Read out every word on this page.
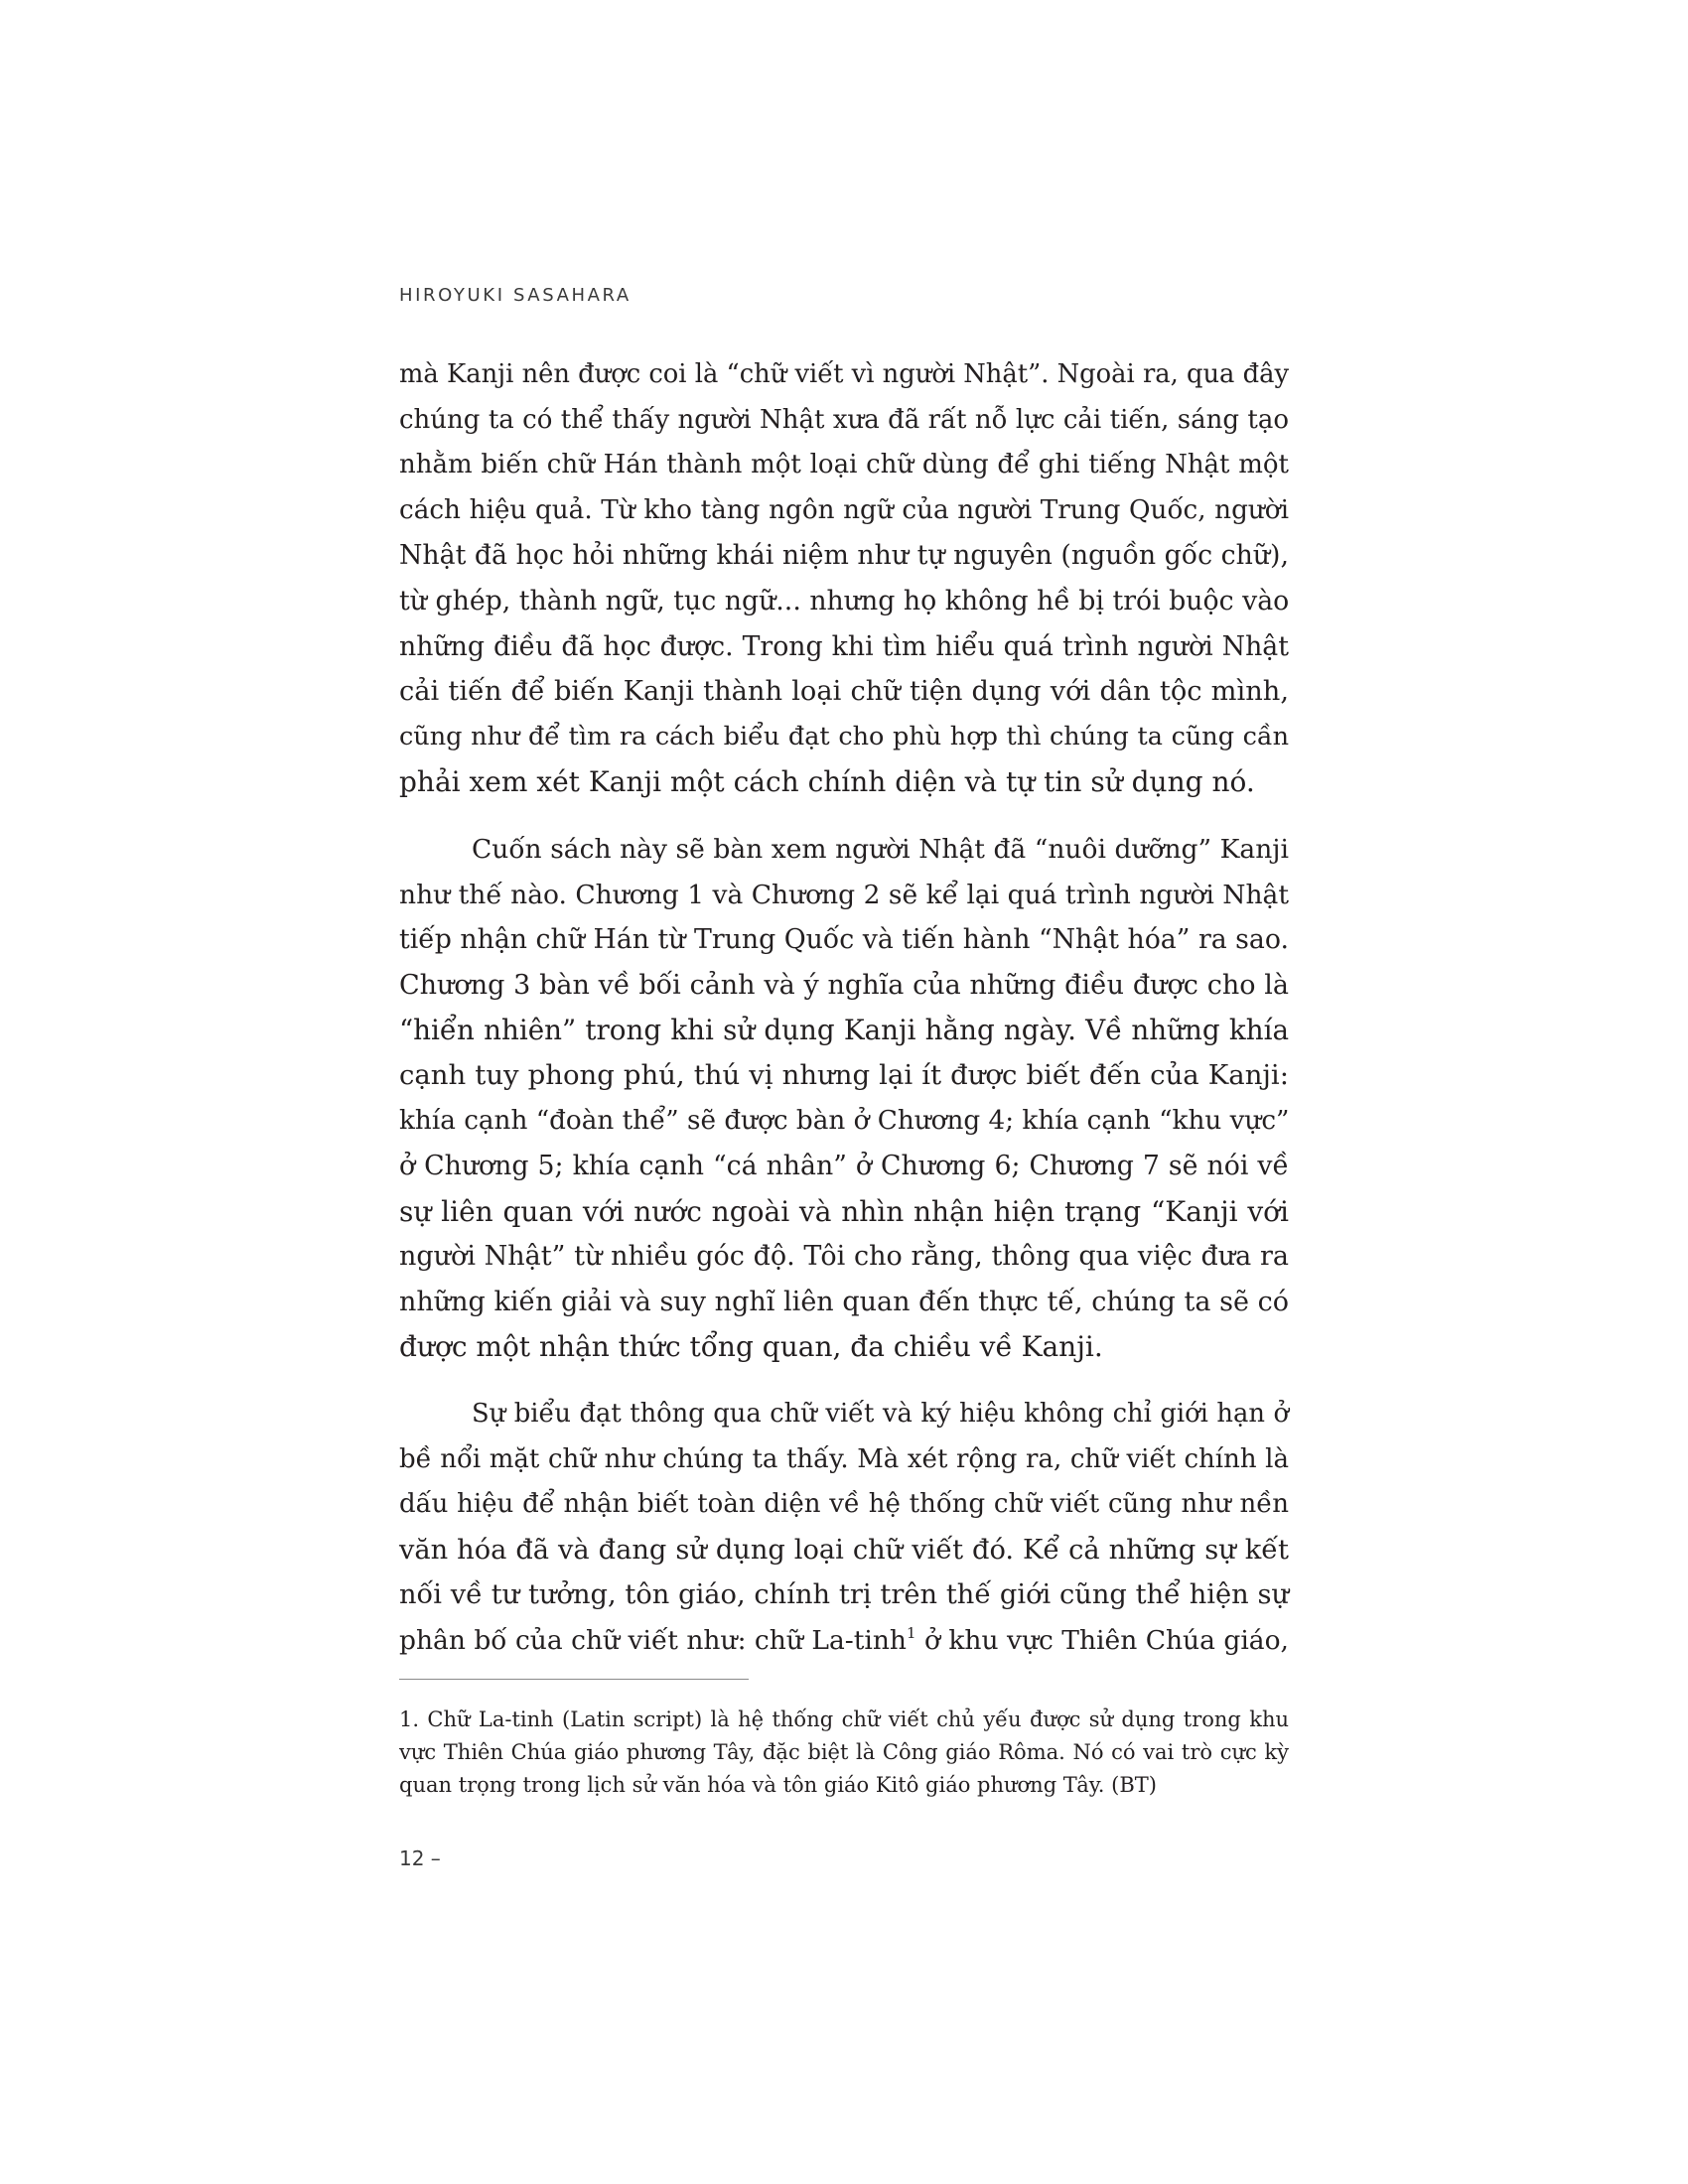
HIROYUKI SASAHARA

mà Kanji nên được coi là “chữ viết vì người Nhật”. Ngoài ra, qua đây
chúng ta có thể thấy người Nhật xưa đã rất nỗ lực cải tiến, sáng tạo
nhằm biến chữ Hán thành một loại chữ dùng để ghi tiếng Nhật một
cách hiệu quả. Từ kho tàng ngôn ngữ của người Trung Quốc, người
Nhật đã học hỏi những khái niệm như tự nguyên (nguồn gốc chữ),
từ ghép, thành ngữ, tục ngữ... nhưng họ không hề bị trói buộc vào
những điều đã học được. Trong khi tìm hiểu quá trình người Nhật
cải tiến để biến Kanji thành loại chữ tiện dụng với dân tộc mình,
cũng như để tìm ra cách biểu đạt cho phù hợp thì chúng ta cũng cần
phải xem xét Kanji một cách chính diện và tự tin sử dụng nó.
Cuốn sách này sẽ bàn xem người Nhật đã “nuôi dưỡng” Kanji
như thế nào. Chương 1 và Chương 2 sẽ kể lại quá trình người Nhật
tiếp nhận chữ Hán từ Trung Quốc và tiến hành “Nhật hóa” ra sao.
Chương 3 bàn về bối cảnh và ý nghĩa của những điều được cho là
“hiển nhiên” trong khi sử dụng Kanji hằng ngày. Về những khía
cạnh tuy phong phú, thú vị nhưng lại ít được biết đến của Kanji:
khía cạnh “đoàn thể” sẽ được bàn ở Chương 4; khía cạnh “khu vực”
ở Chương 5; khía cạnh “cá nhân” ở Chương 6; Chương 7 sẽ nói về
sự liên quan với nước ngoài và nhìn nhận hiện trạng “Kanji với
người Nhật” từ nhiều góc độ. Tôi cho rằng, thông qua việc đưa ra
những kiến giải và suy nghĩ liên quan đến thực tế, chúng ta sẽ có
được một nhận thức tổng quan, đa chiều về Kanji.
Sự biểu đạt thông qua chữ viết và ký hiệu không chỉ giới hạn ở
bề nổi mặt chữ như chúng ta thấy. Mà xét rộng ra, chữ viết chính là
dấu hiệu để nhận biết toàn diện về hệ thống chữ viết cũng như nền
văn hóa đã và đang sử dụng loại chữ viết đó. Kể cả những sự kết
nối về tư tưởng, tôn giáo, chính trị trên thế giới cũng thể hiện sự
phân bố của chữ viết như: chữ La-tinh$^1$ ở khu vực Thiên Chúa giáo,
1. Chữ La-tinh (Latin script) là hệ thống chữ viết chủ yếu được sử dụng trong khu
vực Thiên Chúa giáo phương Tây, đặc biệt là Công giáo Rôma. Nó có vai trò cực kỳ
quan trọng trong lịch sử văn hóa và tôn giáo Kitô giáo phương Tây. (BT)

12 –
